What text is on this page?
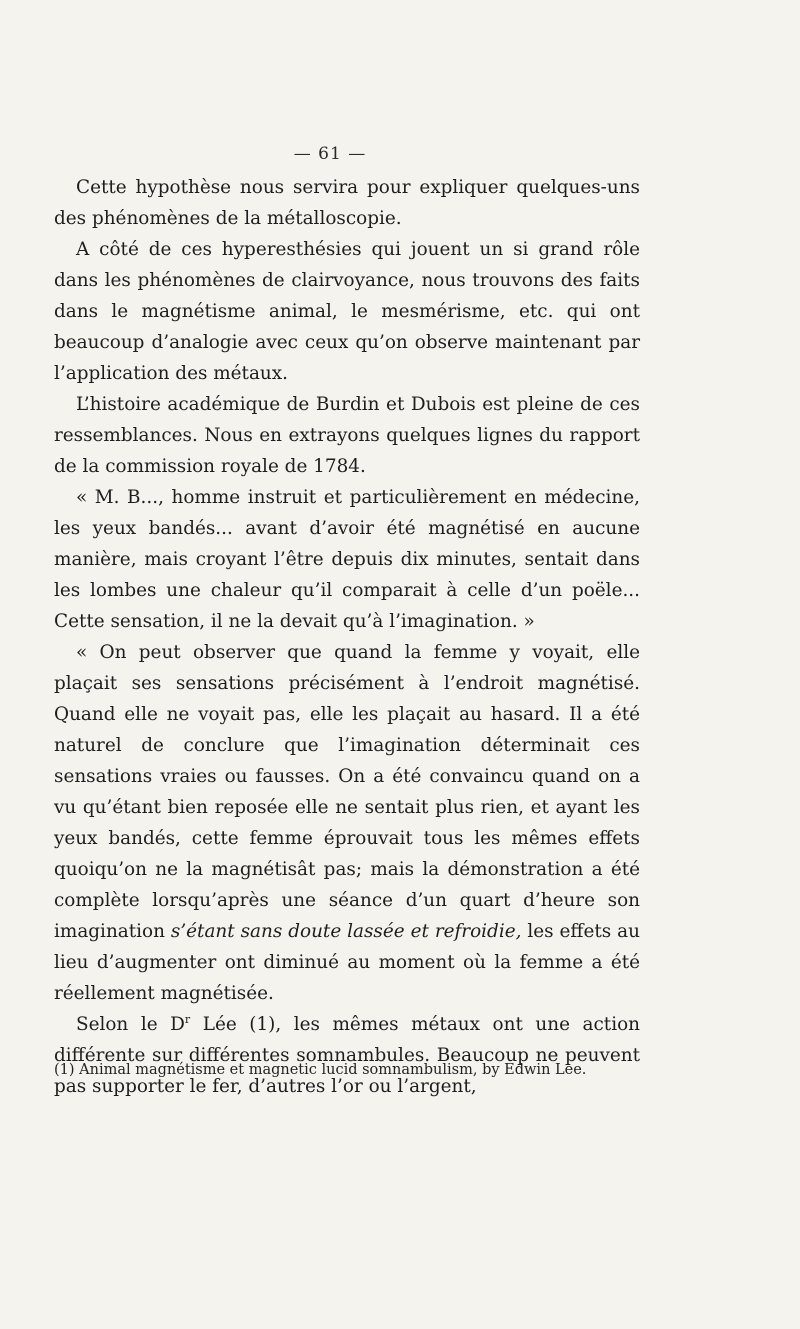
— 61 —

Cette hypothèse nous servira pour expliquer quelques-uns des phénomènes de la métalloscopie.

A côté de ces hyperesthésies qui jouent un si grand rôle dans les phénomènes de clairvoyance, nous trouvons des faits dans le magnétisme animal, le mesmérisme, etc. qui ont beaucoup d’analogie avec ceux qu’on observe maintenant par l’application des métaux.

L’histoire académique de Burdin et Dubois est pleine de ces ressemblances. Nous en extrayons quelques lignes du rapport de la commission royale de 1784.

« M. B..., homme instruit et particulièrement en médecine, les yeux bandés... avant d’avoir été magnétisé en aucune manière, mais croyant l’être depuis dix minutes, sentait dans les lombes une chaleur qu’il comparait à celle d’un poële... Cette sensation, il ne la devait qu’à l’imagination. »

« On peut observer que quand la femme y voyait, elle plaçait ses sensations précisément à l’endroit magnétisé. Quand elle ne voyait pas, elle les plaçait au hasard. Il a été naturel de conclure que l’imagination déterminait ces sensations vraies ou fausses. On a été convaincu quand on a vu qu’étant bien reposée elle ne sentait plus rien, et ayant les yeux bandés, cette femme éprouvait tous les mêmes effets quoiqu’on ne la magnétisât pas; mais la démonstration a été complète lorsqu’après une séance d’un quart d’heure son imagination s’étant sans doute lassée et refroidie, les effets au lieu d’augmenter ont diminué au moment où la femme a été réellement magnétisée.

Selon le $D^r$ Lée (1), les mêmes métaux ont une action différente sur différentes somnambules. Beaucoup ne peuvent pas supporter le fer, d’autres l’or ou l’argent,

(1) Animal magnétisme et magnetic lucid somnambulism, by Edwin Lee.
